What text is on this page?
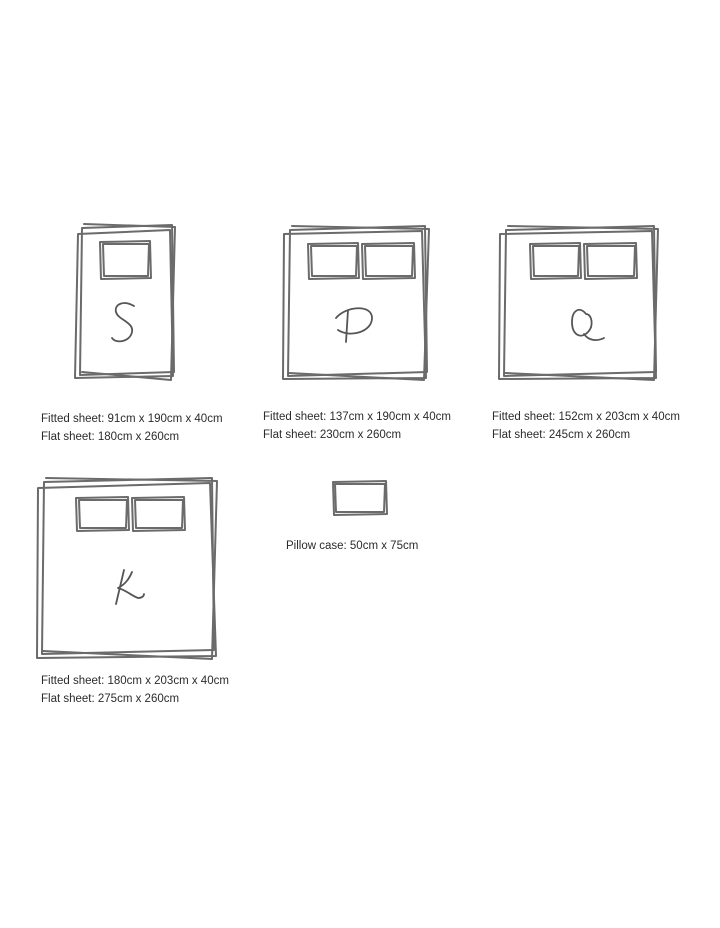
Fitted sheet: 91cm x 190cm x 40cm
Flat sheet: 180cm x 260cm
Fitted sheet: 137cm x 190cm x 40cm
Flat sheet: 230cm x 260cm
Fitted sheet: 152cm x 203cm x 40cm
Flat sheet: 245cm x 260cm
Pillow case: 50cm x 75cm
Fitted sheet: 180cm x 203cm x 40cm
Flat sheet: 275cm x 260cm
